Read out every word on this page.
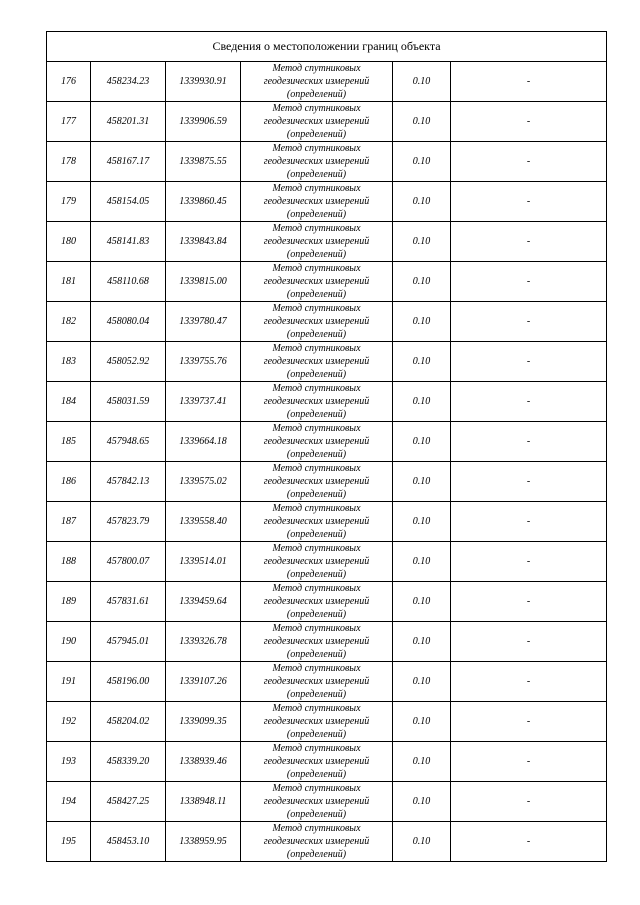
Сведения о местоположении границ объекта					
176	458234.23	1339930.91	Метод спутниковых
геодезических измерений
(определений)	0.10	-
177	458201.31	1339906.59	Метод спутниковых
геодезических измерений
(определений)	0.10	-
178	458167.17	1339875.55	Метод спутниковых
геодезических измерений
(определений)	0.10	-
179	458154.05	1339860.45	Метод спутниковых
геодезических измерений
(определений)	0.10	-
180	458141.83	1339843.84	Метод спутниковых
геодезических измерений
(определений)	0.10	-
181	458110.68	1339815.00	Метод спутниковых
геодезических измерений
(определений)	0.10	-
182	458080.04	1339780.47	Метод спутниковых
геодезических измерений
(определений)	0.10	-
183	458052.92	1339755.76	Метод спутниковых
геодезических измерений
(определений)	0.10	-
184	458031.59	1339737.41	Метод спутниковых
геодезических измерений
(определений)	0.10	-
185	457948.65	1339664.18	Метод спутниковых
геодезических измерений
(определений)	0.10	-
186	457842.13	1339575.02	Метод спутниковых
геодезических измерений
(определений)	0.10	-
187	457823.79	1339558.40	Метод спутниковых
геодезических измерений
(определений)	0.10	-
188	457800.07	1339514.01	Метод спутниковых
геодезических измерений
(определений)	0.10	-
189	457831.61	1339459.64	Метод спутниковых
геодезических измерений
(определений)	0.10	-
190	457945.01	1339326.78	Метод спутниковых
геодезических измерений
(определений)	0.10	-
191	458196.00	1339107.26	Метод спутниковых
геодезических измерений
(определений)	0.10	-
192	458204.02	1339099.35	Метод спутниковых
геодезических измерений
(определений)	0.10	-
193	458339.20	1338939.46	Метод спутниковых
геодезических измерений
(определений)	0.10	-
194	458427.25	1338948.11	Метод спутниковых
геодезических измерений
(определений)	0.10	-
195	458453.10	1338959.95	Метод спутниковых
геодезических измерений
(определений)	0.10	-
